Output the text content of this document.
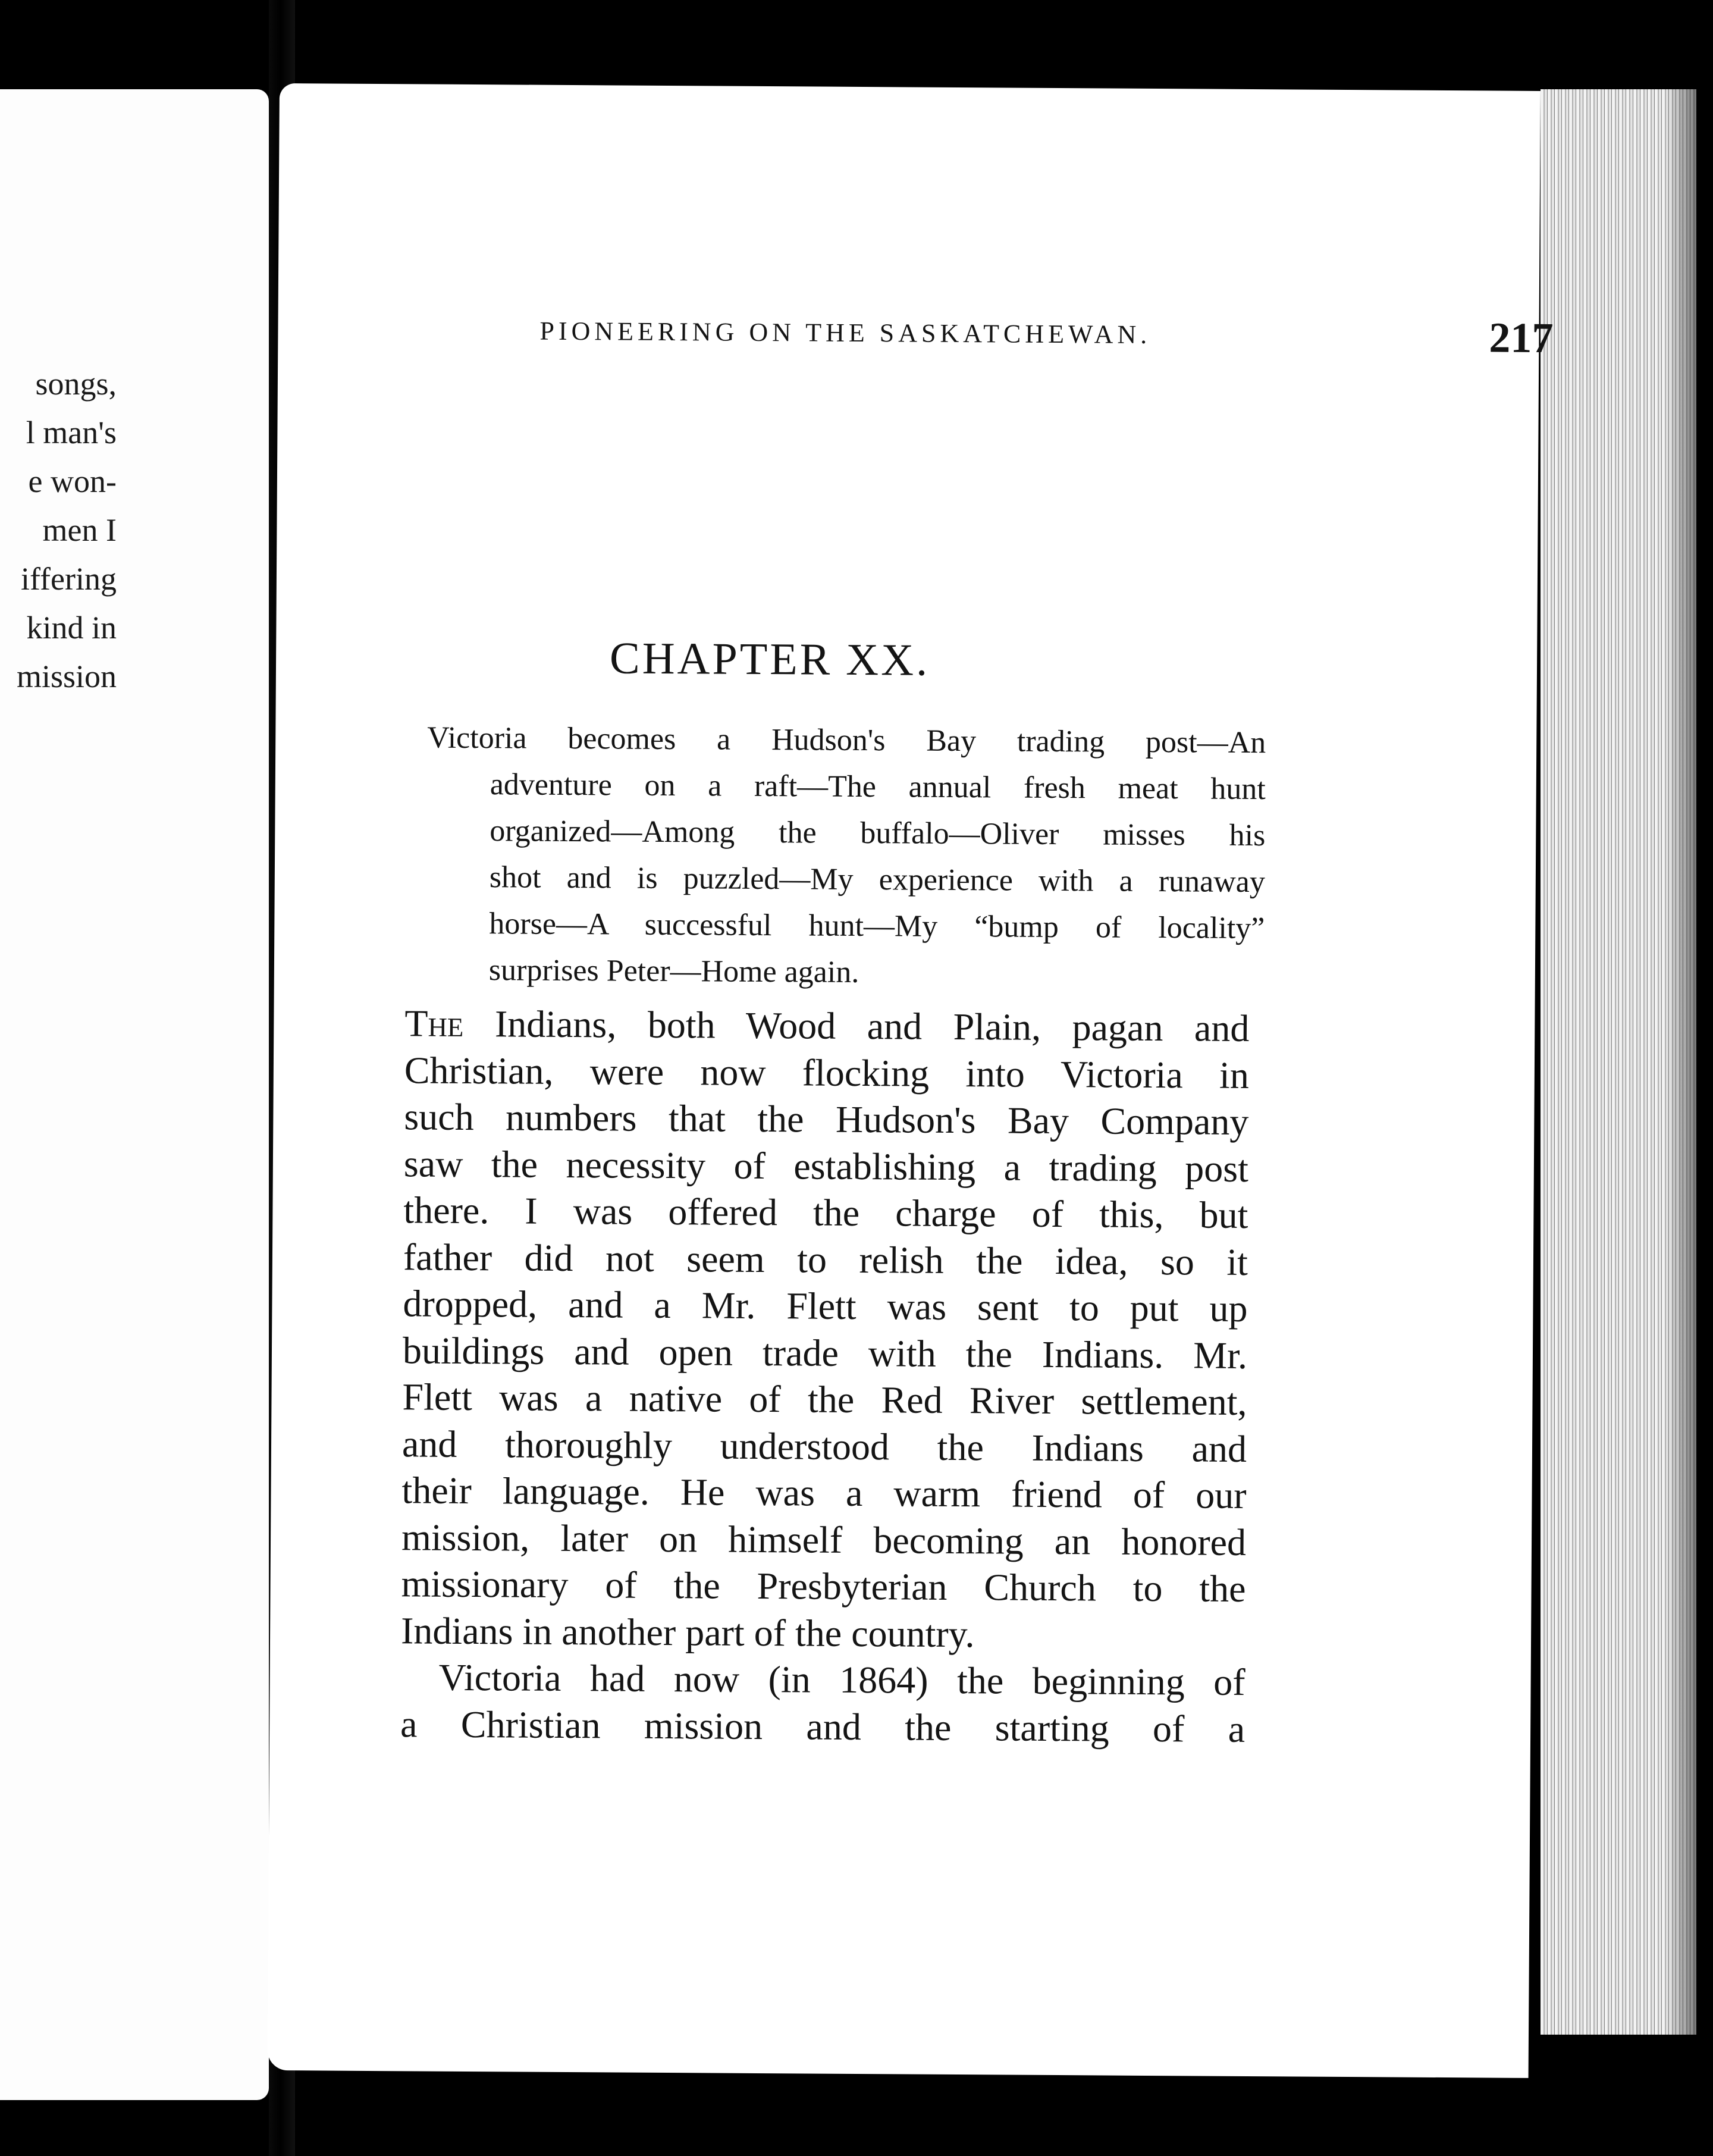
songs,
l man's
e won-
men I
iffering
kind in
mission
PIONEERING ON THE SASKATCHEWAN.	217
CHAPTER XX.
Victoria becomes a Hudson's Bay trading post—An
adventure on a raft—The annual fresh meat hunt
organized—Among the buffalo—Oliver misses his
shot and is puzzled—My experience with a runaway
horse—A successful hunt—My “bump of locality”
surprises Peter—Home again.
The Indians, both Wood and Plain, pagan and
Christian, were now flocking into Victoria in
such numbers that the Hudson's Bay Company
saw the necessity of establishing a trading post
there. I was offered the charge of this, but
father did not seem to relish the idea, so it
dropped, and a Mr. Flett was sent to put up
buildings and open trade with the Indians. Mr.
Flett was a native of the Red River settlement,
and thoroughly understood the Indians and
their language. He was a warm friend of our
mission, later on himself becoming an honored
missionary of the Presbyterian Church to the
Indians in another part of the country.
Victoria had now (in 1864) the beginning of
a Christian mission and the starting of a
